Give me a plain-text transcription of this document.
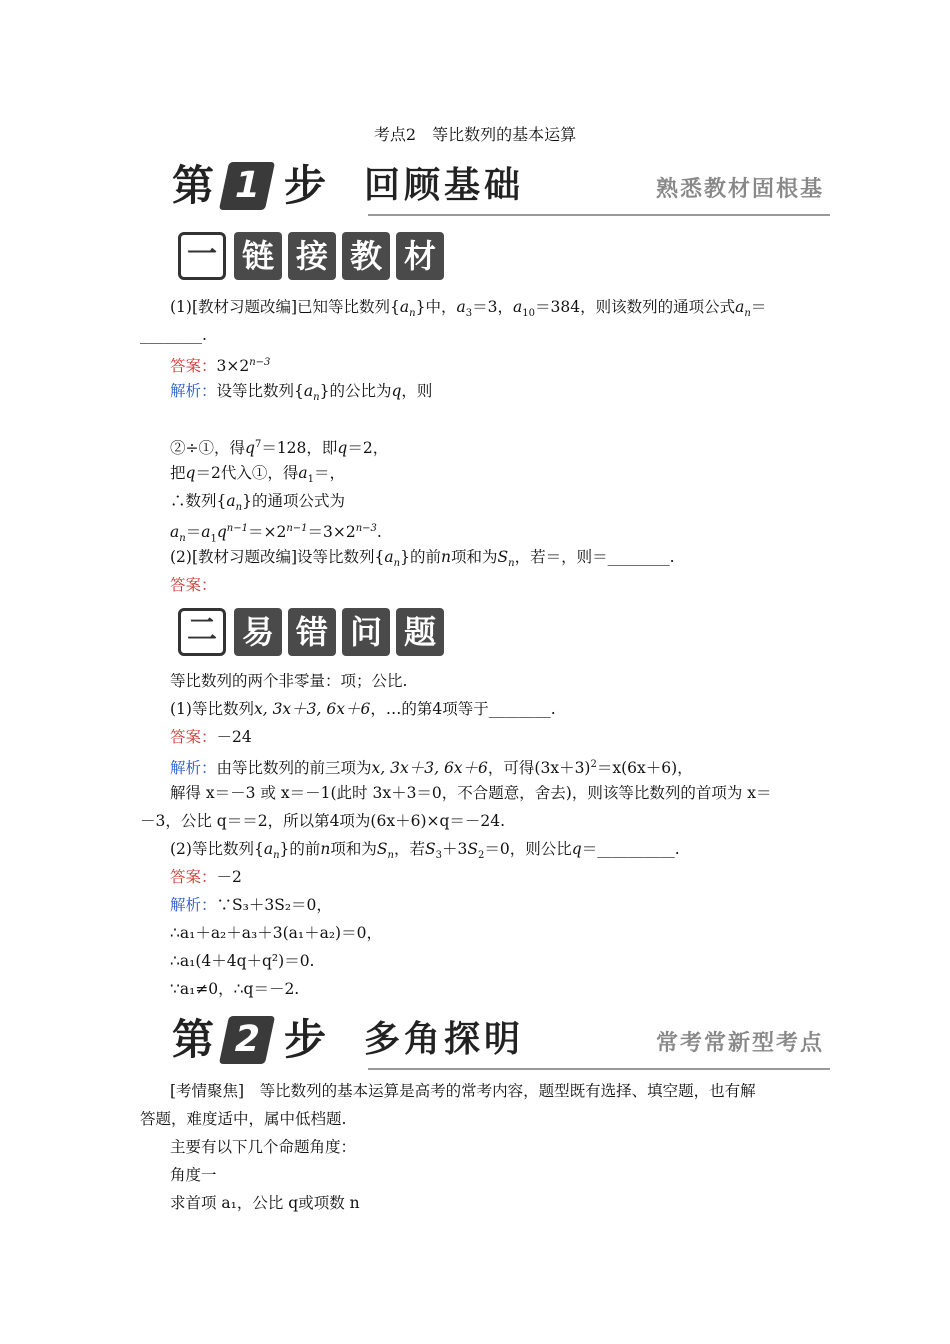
考点2　等比数列的基本运算
第 1 步 回顾基础	熟悉教材固根基
一 链 接 教 材
(1)[教材习题改编]已知等比数列$\{a_n\}$中，$a_3=3$，$a_{10}=384$，则该数列的通项公式$a_n=$
________.
答案：$3\times 2^{n-3}$
解析：设等比数列$\{a_n\}$的公比为q，则
②÷①，得$q^7=128$，即q＝2，
把q＝2代入①，得$a_1=$，
∴数列$\{a_n\}$的通项公式为
$a_n=a_1q^{n-1}=\times 2^{n-1}=3\times 2^{n-3}$.
(2)[教材习题改编]设等比数列$\{a_n\}$的前n项和为$S_n$，若＝，则＝________.
答案：
二 易 错 问 题
等比数列的两个非零量：项；公比.
(1)等比数列x, 3x＋3, 6x＋6，…的第4项等于________.
答案：－24
解析：由等比数列的前三项为x, 3x＋3, 6x＋6，可得$(3x+3)^2=x(6x+6)$，
解得 x＝－3 或 x＝－1(此时 3x＋3＝0，不合题意，舍去)，则该等比数列的首项为 x＝
－3，公比 q＝＝2，所以第4项为(6x＋6)×q＝－24.
(2)等比数列$\{a_n\}$的前n项和为$S_n$，若$S_3+3S_2=0$，则公比q＝__________.
答案：－2
解析：∵S₃＋3S₂＝0，
∴a₁＋a₂＋a₃＋3(a₁＋a₂)＝0，
∴a₁(4＋4q＋q²)＝0.
∵a₁≠0，∴q＝－2.
第 2 步 多角探明	常考常新型考点
[考情聚焦]　等比数列的基本运算是高考的常考内容，题型既有选择、填空题，也有解
答题，难度适中，属中低档题.
主要有以下几个命题角度：
角度一
求首项 a₁，公比 q或项数 n
